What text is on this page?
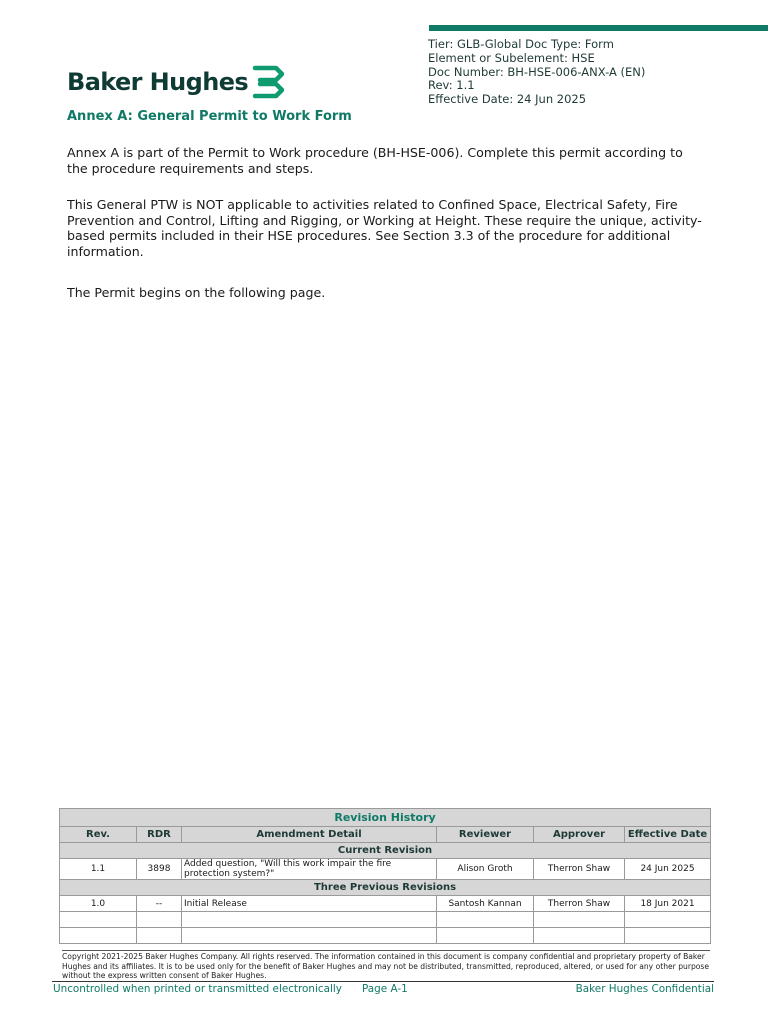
Tier: GLB-Global Doc Type: Form
Element or Subelement: HSE
Doc Number: BH-HSE-006-ANX-A (EN)
Rev: 1.1
Effective Date: 24 Jun 2025
Baker Hughes
Annex A: General Permit to Work Form
Annex A is part of the Permit to Work procedure (BH-HSE-006). Complete this permit according to the procedure requirements and steps.
This General PTW is NOT applicable to activities related to Confined Space, Electrical Safety, Fire Prevention and Control, Lifting and Rigging, or Working at Height. These require the unique, activity-based permits included in their HSE procedures. See Section 3.3 of the procedure for additional information.
The Permit begins on the following page.
Revision History					
Rev.	RDR	Amendment Detail	Reviewer	Approver	Effective Date
Current Revision					
1.1	3898	Added question, "Will this work impair the fire protection system?"	Alison Groth	Therron Shaw	24 Jun 2025
Three Previous Revisions					
1.0	--	Initial Release	Santosh Kannan	Therron Shaw	18 Jun 2021

Copyright 2021-2025 Baker Hughes Company. All rights reserved. The information contained in this document is company confidential and proprietary property of Baker Hughes and its affiliates. It is to be used only for the benefit of Baker Hughes and may not be distributed, transmitted, reproduced, altered, or used for any other purpose without the express written consent of Baker Hughes.
Uncontrolled when printed or transmitted electronically Page A-1	Baker Hughes Confidential
